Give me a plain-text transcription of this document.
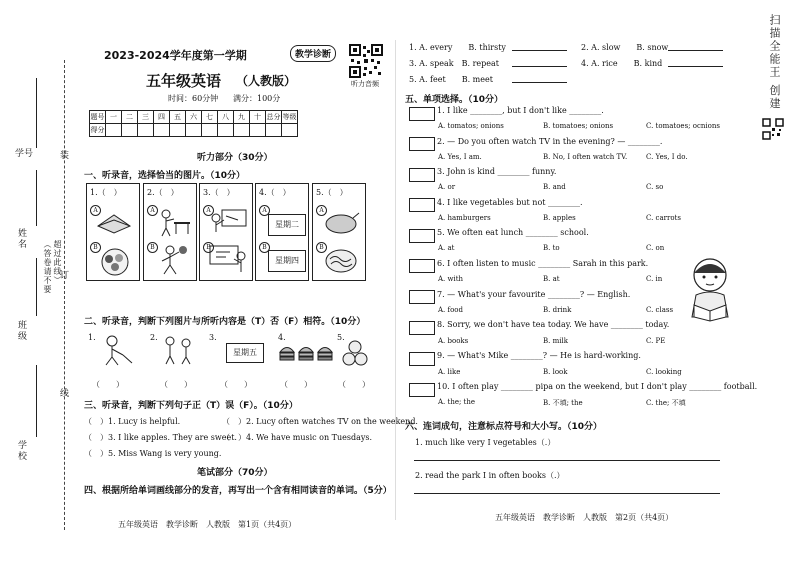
学号
姓名
班级
学校
（答卷请不要 超过此线）
装
订
线
2023-2024学年度第一学期	教学诊断
听力音频
五年级英语 （人教版）
时间：60分钟 满分：100分
题号	一	二	三	四	五	六	七	八	九	十	总分	等级
得分												
听力部分（30分）
一、听录音，选择恰当的图片。（10分）
1.（　）
A
B
2.（　）
A
B
3.（　）
A
B
4.（　）
A
星期二
B
星期四
5.（　）
A
B
二、听录音，判断下列图片与所听内容是（T）否（F）相符。（10分）
1.	2.	3.
星期五
4.	5.
（　　）	（　　）	（　　）	（　　）	（　　）
三、听录音，判断下列句子正（T）误（F）。（10分）
（　）1. Lucy is helpful.	（　）2. Lucy often watches TV on the weekend.
（　）3. I like apples. They are sweet.
（　）4. We have music on Tuesdays.
（　）5. Miss Wang is very young.
笔试部分（70分）
四、根据所给单词画线部分的发音，再写出一个含有相同读音的单词。（5分）
五年级英语　教学诊断　人教版　第1页（共4页）
1. A. every　　B. thirsty	2. A. slow　　B. snow
3. A. speak　B. repeat	4. A. rice　　B. kind
5. A. feet　　B. meet
五、单项选择。（10分）
1. I like ________, but I don't like ________.
A. tomatos; onions	B. tomatoes; onions	C. tomatoes; ocnions
2. — Do you often watch TV in the evening? — ________.
A. Yes, I am.	B. No, I often watch TV.	C. Yes, I do.
3. John is kind ________ funny.
A. or	B. and	C. so
4. I like vegetables but not ________.
A. hamburgers	B. apples	C. carrots
5. We often eat lunch ________ school.
A. at	B. to	C. on
6. I often listen to music ________ Sarah in this park.
A. with	B. at	C. in
7. — What's your favourite ________? — English.
A. food	B. drink	C. class
8. Sorry, we don't have tea today. We have ________ today.
A. books	B. milk	C. PE
9. — What's Mike ________? — He is hard-working.
A. like	B. look	C. looking
10. I often play ________ pipa on the weekend, but I don't play ________ football.
A. the; the	B. 不填; the	C. the; 不填
六、连词成句，注意标点符号和大小写。（10分）
1. much like very I vegetables（.）
2. read the park I in often books（.）
五年级英语　教学诊断　人教版　第2页（共4页）
扫描全能王 创建
